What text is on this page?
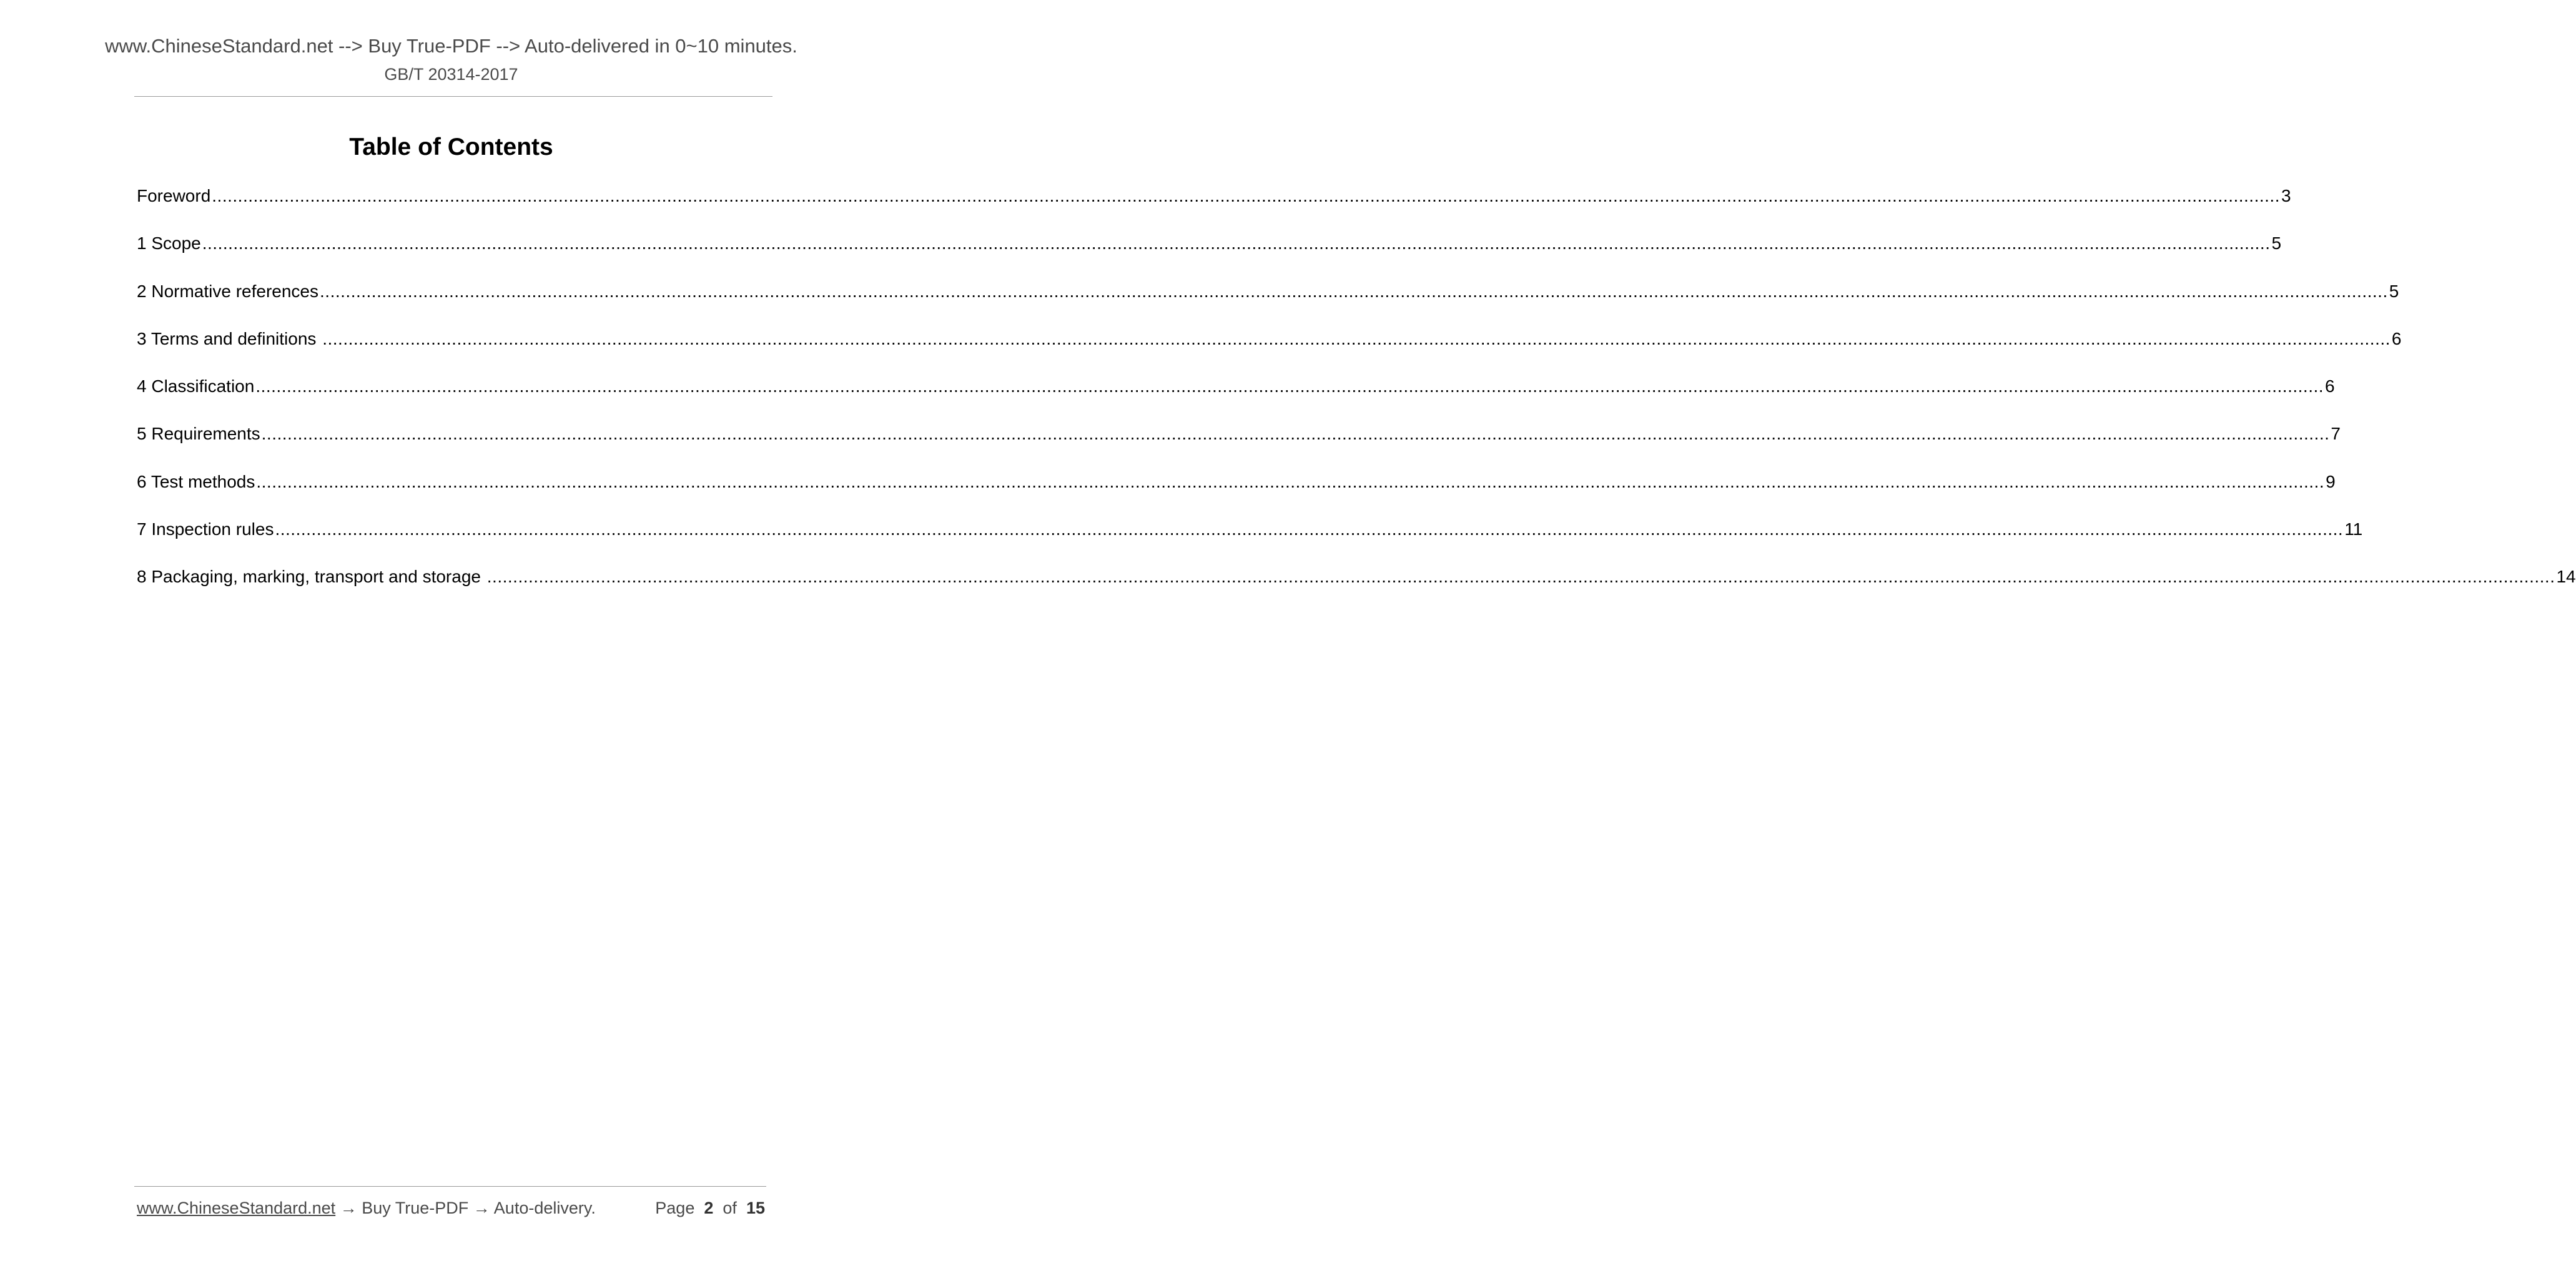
www.ChineseStandard.net --> Buy True-PDF --> Auto-delivered in 0~10 minutes.
GB/T 20314-2017
Table of Contents
Foreword ................................................................................................................................................................................................................................................................................................................................................................................................................ 3
1 Scope ................................................................................................................................................................................................................................................................................................................................................................................................................ 5
2 Normative references ................................................................................................................................................................................................................................................................................................................................................................................................................ 5
3 Terms and definitions ................................................................................................................................................................................................................................................................................................................................................................................................................ 6
4 Classification ................................................................................................................................................................................................................................................................................................................................................................................................................ 6
5 Requirements ................................................................................................................................................................................................................................................................................................................................................................................................................ 7
6 Test methods ................................................................................................................................................................................................................................................................................................................................................................................................................ 9
7 Inspection rules ................................................................................................................................................................................................................................................................................................................................................................................................................ 11
8 Packaging, marking, transport and storage ................................................................................................................................................................................................................................................................................................................................................................................................................ 14
www.ChineseStandard.net → Buy True-PDF → Auto-delivery.	Page 2 of 15
